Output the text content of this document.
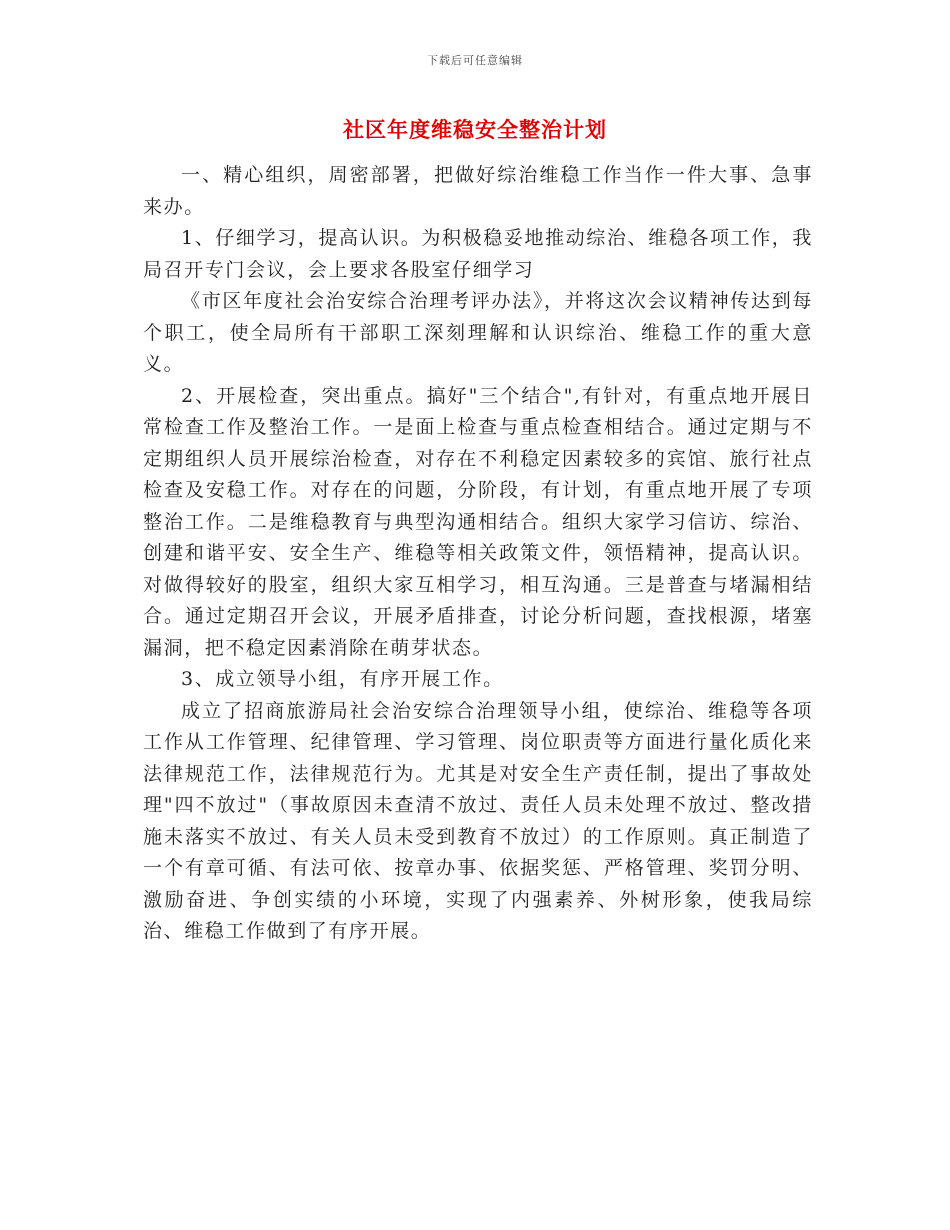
下载后可任意编辑
社区年度维稳安全整治计划

一、精心组织，周密部署，把做好综治维稳工作当作一件大事、急事来办。

1、仔细学习，提高认识。为积极稳妥地推动综治、维稳各项工作，我局召开专门会议，会上要求各股室仔细学习

《市区年度社会治安综合治理考评办法》，并将这次会议精神传达到每个职工，使全局所有干部职工深刻理解和认识综治、维稳工作的重大意义。

2、开展检查，突出重点。搞好"三个结合",有针对，有重点地开展日常检查工作及整治工作。一是面上检查与重点检查相结合。通过定期与不定期组织人员开展综治检查，对存在不利稳定因素较多的宾馆、旅行社点检查及安稳工作。对存在的问题，分阶段，有计划，有重点地开展了专项整治工作。二是维稳教育与典型沟通相结合。组织大家学习信访、综治、创建和谐平安、安全生产、维稳等相关政策文件，领悟精神，提高认识。对做得较好的股室，组织大家互相学习，相互沟通。三是普查与堵漏相结合。通过定期召开会议，开展矛盾排查，讨论分析问题，查找根源，堵塞漏洞，把不稳定因素消除在萌芽状态。

3、成立领导小组，有序开展工作。

成立了招商旅游局社会治安综合治理领导小组，使综治、维稳等各项工作从工作管理、纪律管理、学习管理、岗位职责等方面进行量化质化来法律规范工作，法律规范行为。尤其是对安全生产责任制，提出了事故处理"四不放过"（事故原因未查清不放过、责任人员未处理不放过、整改措施未落实不放过、有关人员未受到教育不放过）的工作原则。真正制造了一个有章可循、有法可依、按章办事、依据奖惩、严格管理、奖罚分明、激励奋进、争创实绩的小环境，实现了内强素养、外树形象，使我局综治、维稳工作做到了有序开展。
